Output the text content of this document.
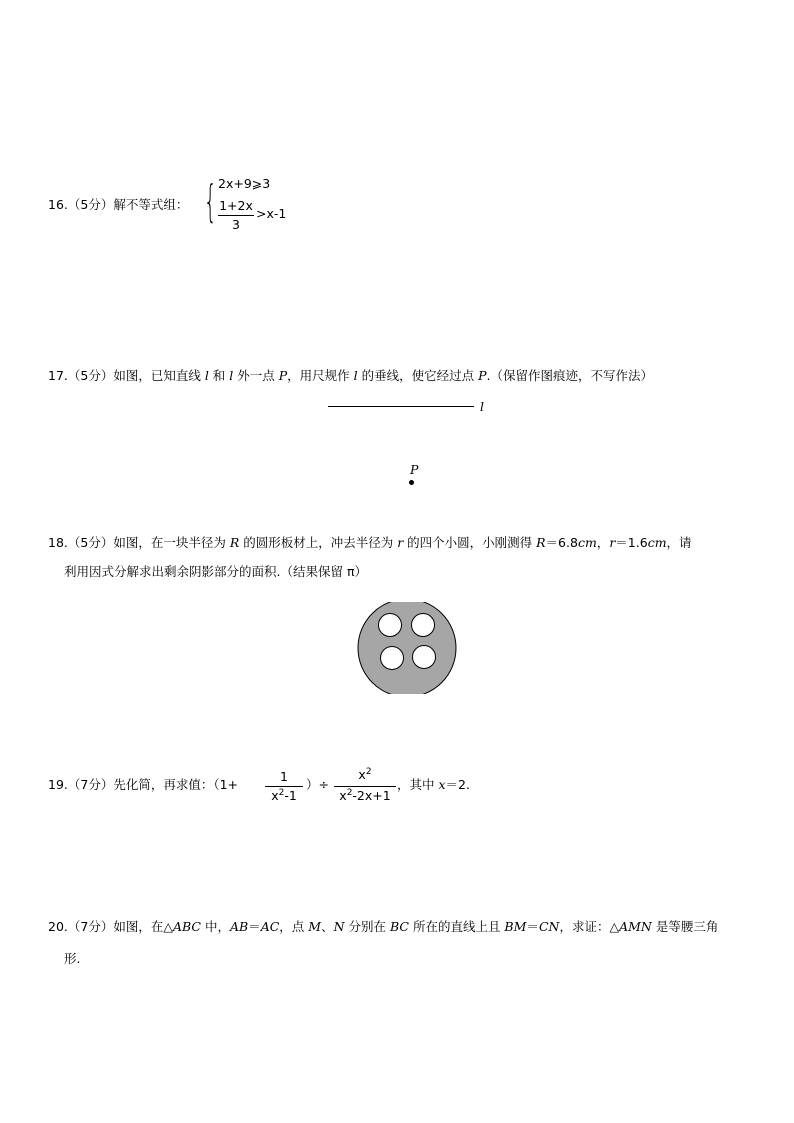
16.（5分）解不等式组： { 2x+9⩾3
1+2x
3
>x-1
17.（5分）如图，已知直线 l 和 l 外一点 P，用尺规作 l 的垂线，使它经过点 P.（保留作图痕迹，不写作法）
l
P
18.（5分）如图，在一块半径为 R 的圆形板材上，冲去半径为 r 的四个小圆，小刚测得 R＝6.8cm，r＝1.6cm，请
利用因式分解求出剩余阴影部分的面积.（结果保留 π）
19.（7分）先化简，再求值：（1+
1
$x^2-1$
）÷
$x^2$
$x^2-2x+1$
，其中 x＝2.
20.（7分）如图，在△ABC 中，AB＝AC，点 M、N 分别在 BC 所在的直线上且 BM＝CN，求证：△AMN 是等腰三角
形.
